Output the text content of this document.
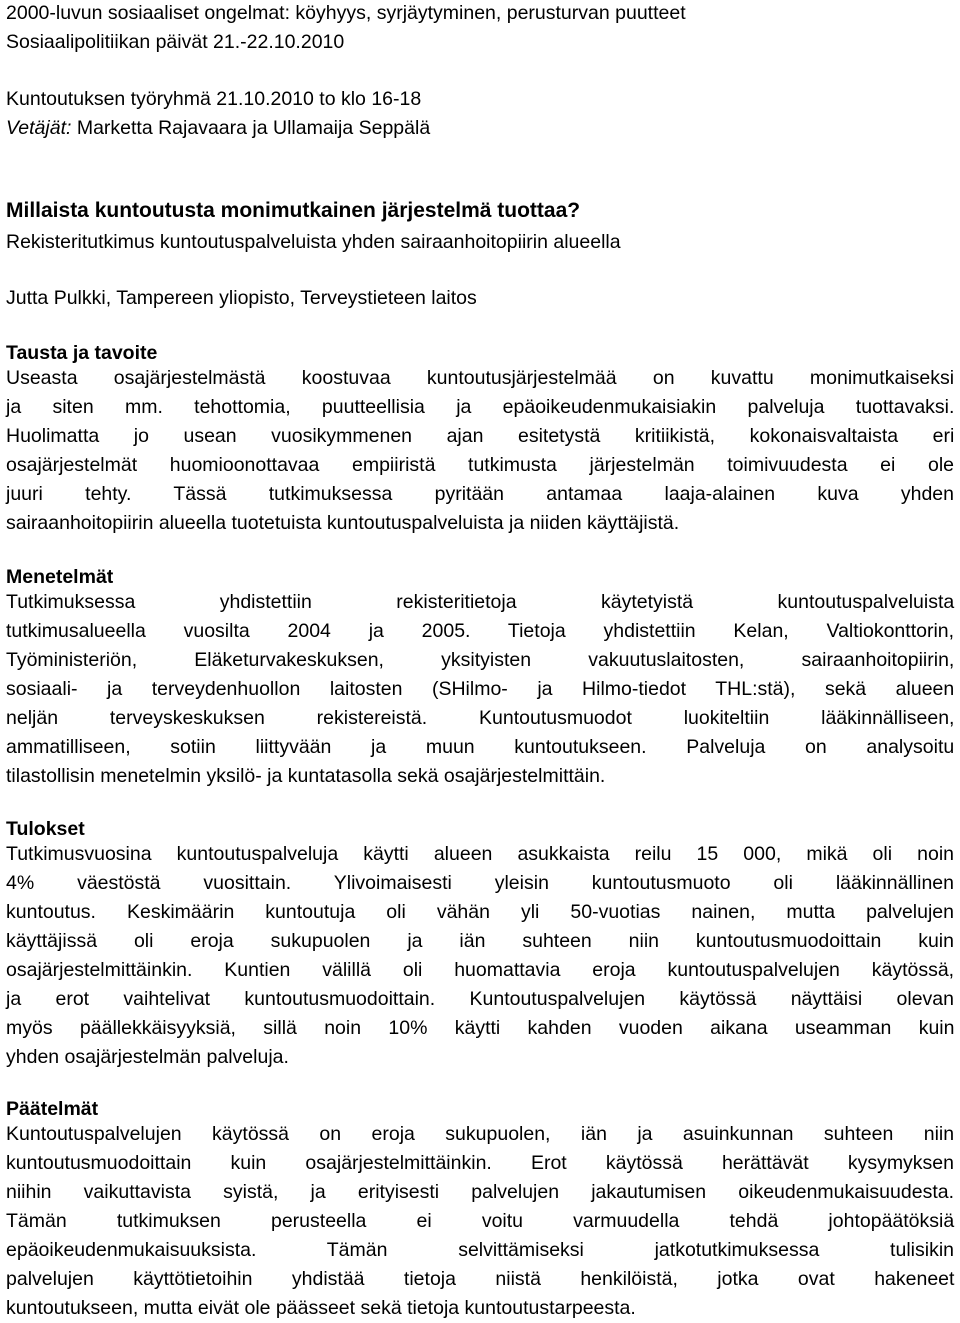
2000-luvun sosiaaliset ongelmat: köyhyys, syrjäytyminen, perusturvan puutteet
Sosiaalipolitiikan päivät 21.-22.10.2010
Kuntoutuksen työryhmä 21.10.2010 to klo 16-18
Vetäjät: Marketta Rajavaara ja Ullamaija Seppälä
Millaista kuntoutusta monimutkainen järjestelmä tuottaa?
Rekisteritutkimus kuntoutuspalveluista yhden sairaanhoitopiirin alueella
Jutta Pulkki, Tampereen yliopisto, Terveystieteen laitos
Tausta ja tavoite
Useasta osajärjestelmästä koostuvaa kuntoutusjärjestelmää on kuvattu monimutkaiseksi
ja siten mm. tehottomia, puutteellisia ja epäoikeudenmukaisiakin palveluja tuottavaksi.
Huolimatta jo usean vuosikymmenen ajan esitetystä kritiikistä, kokonaisvaltaista eri
osajärjestelmät huomioonottavaa empiiristä tutkimusta järjestelmän toimivuudesta ei ole
juuri tehty. Tässä tutkimuksessa pyritään antamaa laaja-alainen kuva yhden
sairaanhoitopiirin alueella tuotetuista kuntoutuspalveluista ja niiden käyttäjistä.
Menetelmät
Tutkimuksessa yhdistettiin rekisteritietoja käytetyistä kuntoutuspalveluista
tutkimusalueella vuosilta 2004 ja 2005. Tietoja yhdistettiin Kelan, Valtiokonttorin,
Työministeriön, Eläketurvakeskuksen, yksityisten vakuutuslaitosten, sairaanhoitopiirin,
sosiaali- ja terveydenhuollon laitosten (SHilmo- ja Hilmo-tiedot THL:stä), sekä alueen
neljän terveyskeskuksen rekistereistä. Kuntoutusmuodot luokiteltiin lääkinnälliseen,
ammatilliseen, sotiin liittyvään ja muun kuntoutukseen. Palveluja on analysoitu
tilastollisin menetelmin yksilö- ja kuntatasolla sekä osajärjestelmittäin.
Tulokset
Tutkimusvuosina kuntoutuspalveluja käytti alueen asukkaista reilu 15 000, mikä oli noin
4% väestöstä vuosittain. Ylivoimaisesti yleisin kuntoutusmuoto oli lääkinnällinen
kuntoutus. Keskimäärin kuntoutuja oli vähän yli 50-vuotias nainen, mutta palvelujen
käyttäjissä oli eroja sukupuolen ja iän suhteen niin kuntoutusmuodoittain kuin
osajärjestelmittäinkin. Kuntien välillä oli huomattavia eroja kuntoutuspalvelujen käytössä,
ja erot vaihtelivat kuntoutusmuodoittain. Kuntoutuspalvelujen käytössä näyttäisi olevan
myös päällekkäisyyksiä, sillä noin 10% käytti kahden vuoden aikana useamman kuin
yhden osajärjestelmän palveluja.
Päätelmät
Kuntoutuspalvelujen käytössä on eroja sukupuolen, iän ja asuinkunnan suhteen niin
kuntoutusmuodoittain kuin osajärjestelmittäinkin. Erot käytössä herättävät kysymyksen
niihin vaikuttavista syistä, ja erityisesti palvelujen jakautumisen oikeudenmukaisuudesta.
Tämän tutkimuksen perusteella ei voitu varmuudella tehdä johtopäätöksiä
epäoikeudenmukaisuuksista. Tämän selvittämiseksi jatkotutkimuksessa tulisikin
palvelujen käyttötietoihin yhdistää tietoja niistä henkilöistä, jotka ovat hakeneet
kuntoutukseen, mutta eivät ole päässeet sekä tietoja kuntoutustarpeesta.
